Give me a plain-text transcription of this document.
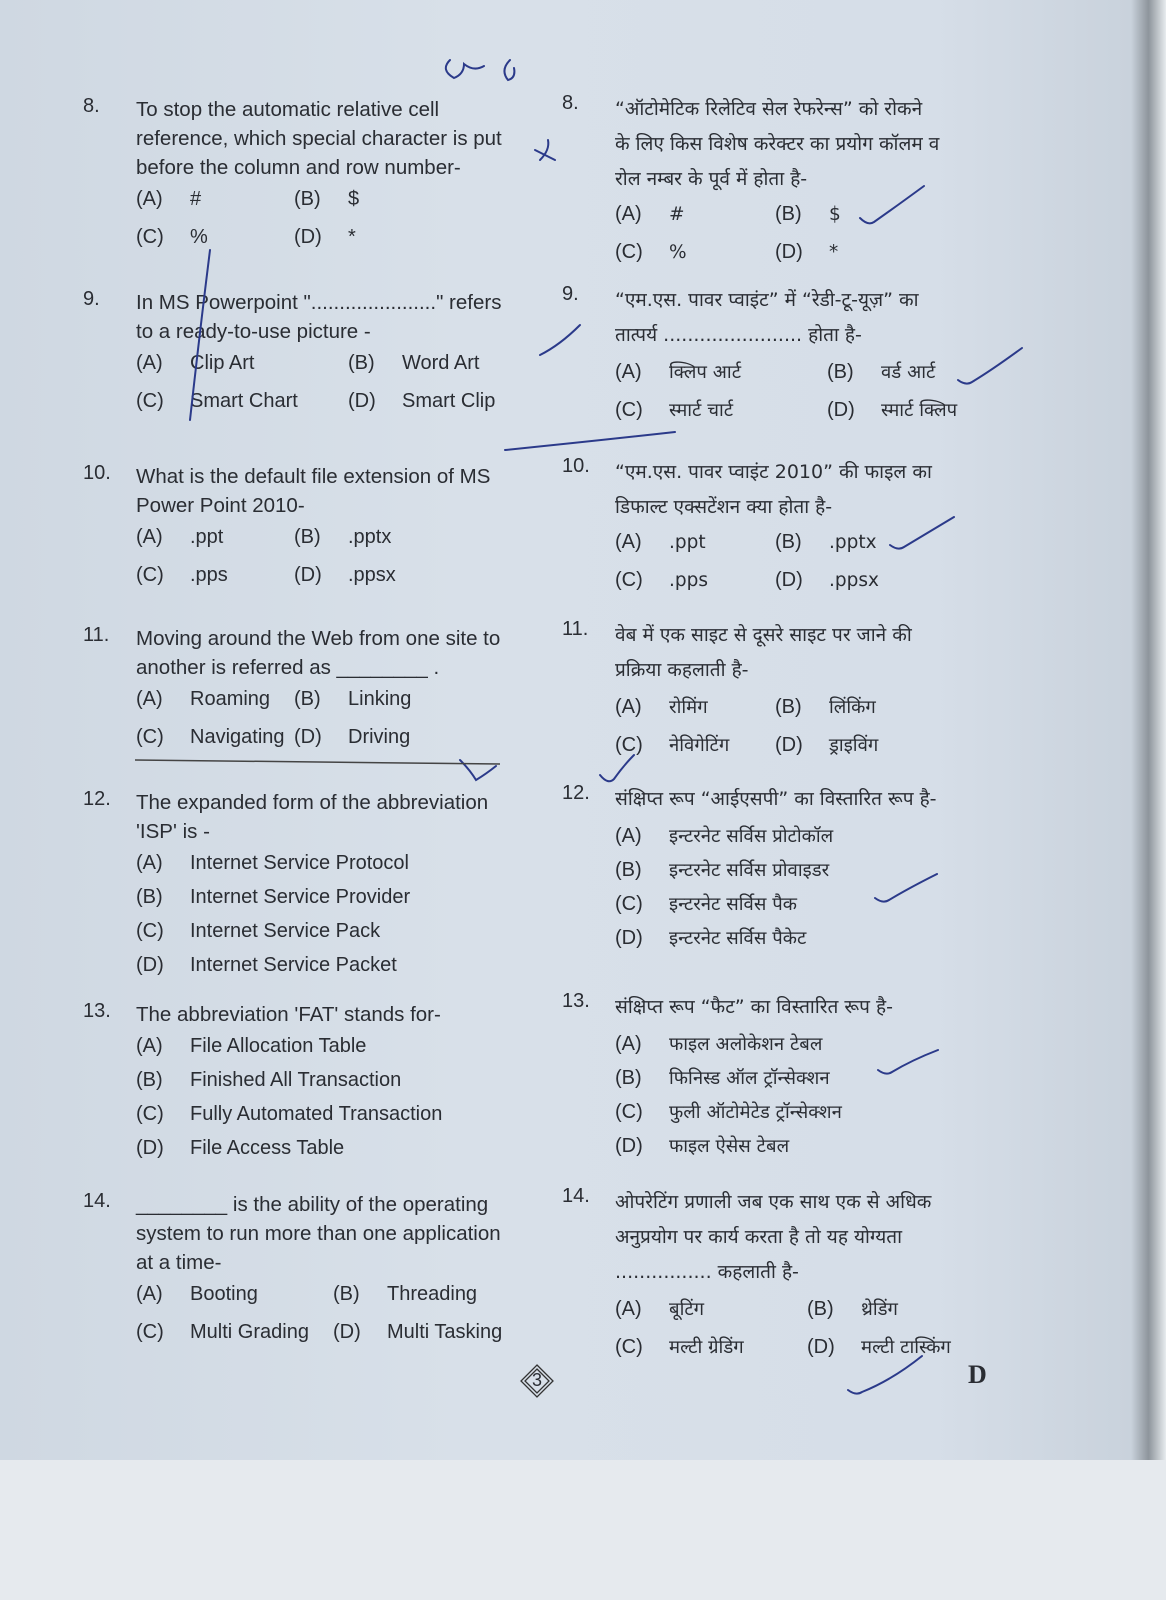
8. To stop the automatic relative cell
reference, which special character is put
before the column and row number-
(A) #	(B) $
(C) %	(D) *
9. In MS Powerpoint "......................" refers
to a ready-to-use picture -
(A) Clip Art	(B) Word Art
(C) Smart Chart	(D) Smart Clip
10. What is the default file extension of MS
Power Point 2010-
(A) .ppt	(B) .pptx
(C) .pps	(D) .ppsx
11. Moving around the Web from one site to
another is referred as ________ .
(A) Roaming (B) Linking
(C) Navigating (D) Driving
12. The expanded form of the abbreviation
'ISP' is -
(A) Internet Service Protocol
(B) Internet Service Provider
(C) Internet Service Pack
(D) Internet Service Packet
13. The abbreviation 'FAT' stands for-
(A) File Allocation Table
(B) Finished All Transaction
(C) Fully Automated Transaction
(D) File Access Table
14. ________ is the ability of the operating
system to run more than one application
at a time-
(A) Booting	(B) Threading
(C) Multi Grading (D) Multi Tasking
8. “ऑटोमेटिक रिलेटिव सेल रेफरेन्स” को रोकने
के लिए किस विशेष करेक्टर का प्रयोग कॉलम व
रोल नम्बर के पूर्व में होता है-
(A) #	(B) $
(C) %	(D) *
9. “एम.एस. पावर प्वाइंट” में “रेडी-टू-यूज़” का
तात्पर्य ....................... होता है-
(A) क्लिप आर्ट	(B) वर्ड आर्ट
(C) स्मार्ट चार्ट	(D) स्मार्ट क्लिप
10. “एम.एस. पावर प्वाइंट 2010” की फाइल का
डिफाल्ट एक्सटेंशन क्या होता है-
(A) .ppt	(B) .pptx
(C) .pps	(D) .ppsx
11. वेब में एक साइट से दूसरे साइट पर जाने की
प्रक्रिया कहलाती है-
(A) रोमिंग	(B) लिंकिंग
(C) नेविगेटिंग (D) ड्राइविंग
12. संक्षिप्त रूप “आईएसपी” का विस्तारित रूप है-
(A) इन्टरनेट सर्विस प्रोटोकॉल
(B) इन्टरनेट सर्विस प्रोवाइडर
(C) इन्टरनेट सर्विस पैक
(D) इन्टरनेट सर्विस पैकेट
13. संक्षिप्त रूप “फैट” का विस्तारित रूप है-
(A) फाइल अलोकेशन टेबल
(B) फिनिस्ड ऑल ट्रॉन्सेक्शन
(C) फुली ऑटोमेटेड ट्रॉन्सेक्शन
(D) फाइल ऐसेस टेबल
14. ओपरेटिंग प्रणाली जब एक साथ एक से अधिक
अनुप्रयोग पर कार्य करता है तो यह योग्यता
................ कहलाती है-
(A) बूटिंग	(B) थ्रेडिंग
(C) मल्टी ग्रेडिंग	(D) मल्टी टास्किंग
3	D
